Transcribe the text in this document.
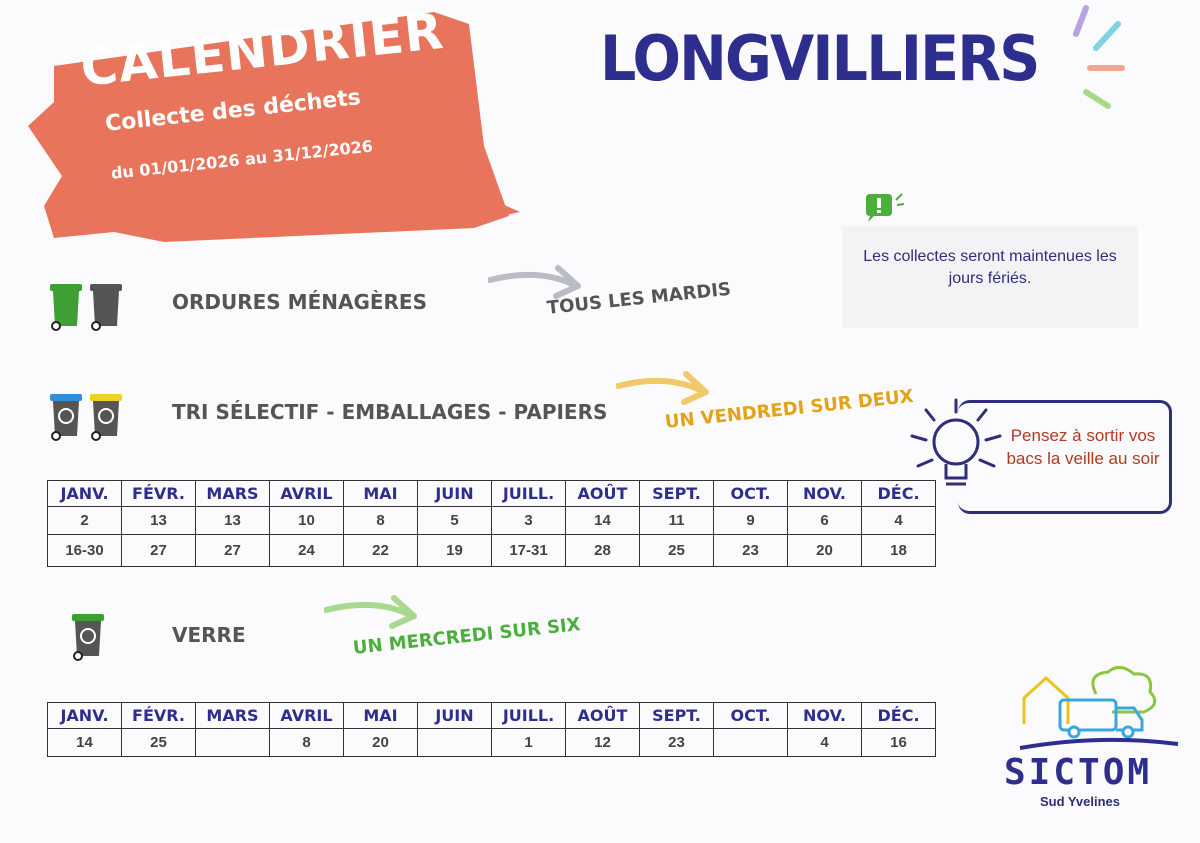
CALENDRIER
Collecte des déchets
du 01/01/2026 au 31/12/2026
LONGVILLIERS
Les collectes seront maintenues les jours fériés.
ORDURES MÉNAGÈRES	TOUS LES MARDIS
TRI SÉLECTIF - EMBALLAGES - PAPIERS	UN VENDREDI SUR DEUX
JANV.	FÉVR.	MARS	AVRIL	MAI	JUIN	JUILL.	AOÛT	SEPT.	OCT.	NOV.	DÉC.
2	13	13	10	8	5	3	14	11	9	6	4
16-30	27	27	24	22	19	17-31	28	25	23	20	18
Pensez à sortir vos bacs la veille au soir
VERRE	UN MERCREDI SUR SIX
JANV.	FÉVR.	MARS	AVRIL	MAI	JUIN	JUILL.	AOÛT	SEPT.	OCT.	NOV.	DÉC.
14	25		8	20		1	12	23		4	16
SICTOM
Sud Yvelines
